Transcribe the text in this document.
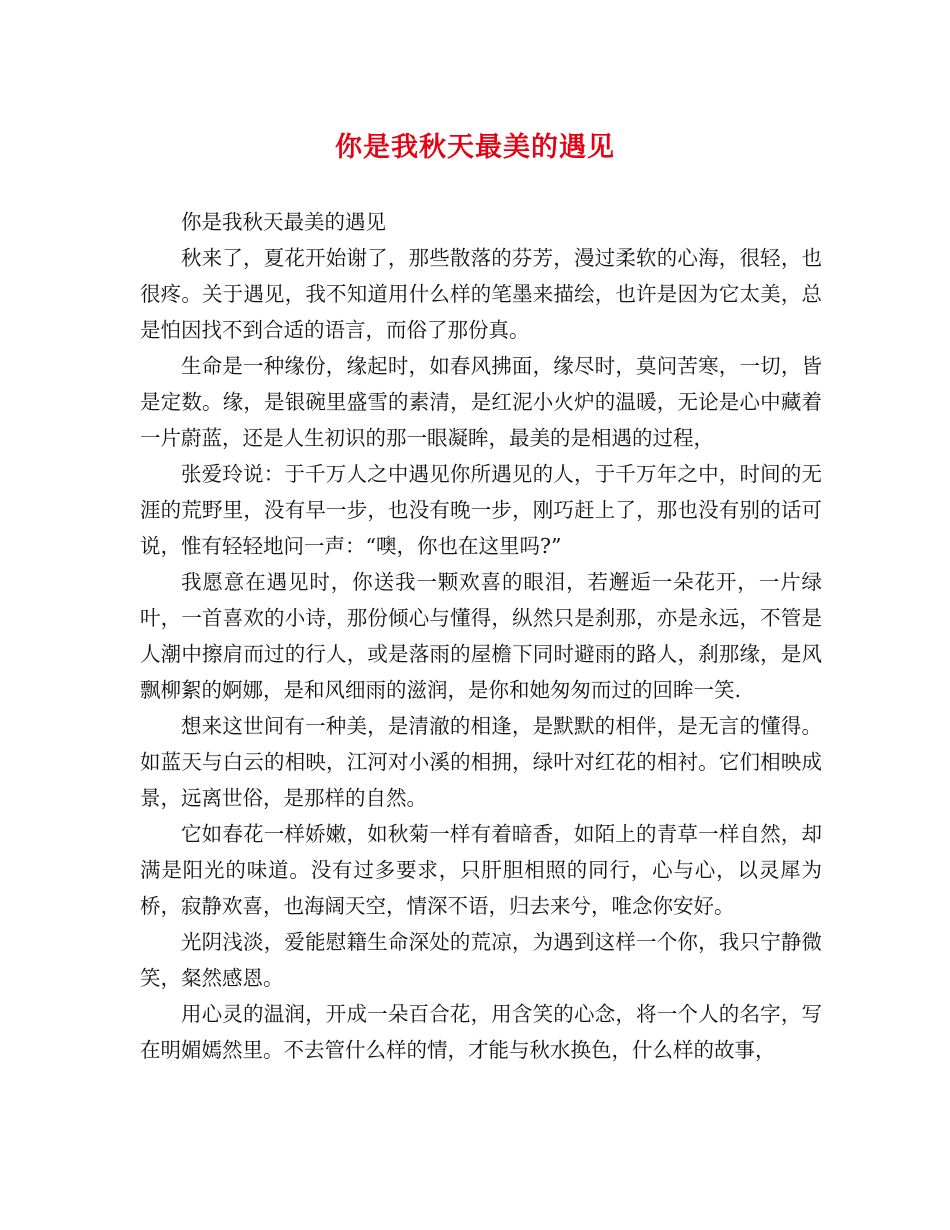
你是我秋天最美的遇见

你是我秋天最美的遇见

秋来了，夏花开始谢了，那些散落的芬芳，漫过柔软的心海，很轻，也很疼。关于遇见，我不知道用什么样的笔墨来描绘，也许是因为它太美，总是怕因找不到合适的语言，而俗了那份真。

生命是一种缘份，缘起时，如春风拂面，缘尽时，莫问苦寒，一切，皆是定数。缘，是银碗里盛雪的素清，是红泥小火炉的温暖，无论是心中藏着一片蔚蓝，还是人生初识的那一眼凝眸，最美的是相遇的过程，

张爱玲说：于千万人之中遇见你所遇见的人，于千万年之中，时间的无涯的荒野里，没有早一步，也没有晚一步，刚巧赶上了，那也没有别的话可说，惟有轻轻地问一声：“噢，你也在这里吗?”

我愿意在遇见时，你送我一颗欢喜的眼泪，若邂逅一朵花开，一片绿叶，一首喜欢的小诗，那份倾心与懂得，纵然只是刹那，亦是永远，不管是人潮中擦肩而过的行人，或是落雨的屋檐下同时避雨的路人，刹那缘，是风飘柳絮的婀娜，是和风细雨的滋润，是你和她匆匆而过的回眸一笑.

想来这世间有一种美，是清澈的相逢，是默默的相伴，是无言的懂得。如蓝天与白云的相映，江河对小溪的相拥，绿叶对红花的相衬。它们相映成景，远离世俗，是那样的自然。

它如春花一样娇嫩，如秋菊一样有着暗香，如陌上的青草一样自然，却满是阳光的味道。没有过多要求，只肝胆相照的同行，心与心，以灵犀为桥，寂静欢喜，也海阔天空，情深不语，归去来兮，唯念你安好。

光阴浅淡，爱能慰籍生命深处的荒凉，为遇到这样一个你，我只宁静微笑，粲然感恩。

用心灵的温润，开成一朵百合花，用含笑的心念，将一个人的名字，写在明媚嫣然里。不去管什么样的情，才能与秋水换色，什么样的故事，
